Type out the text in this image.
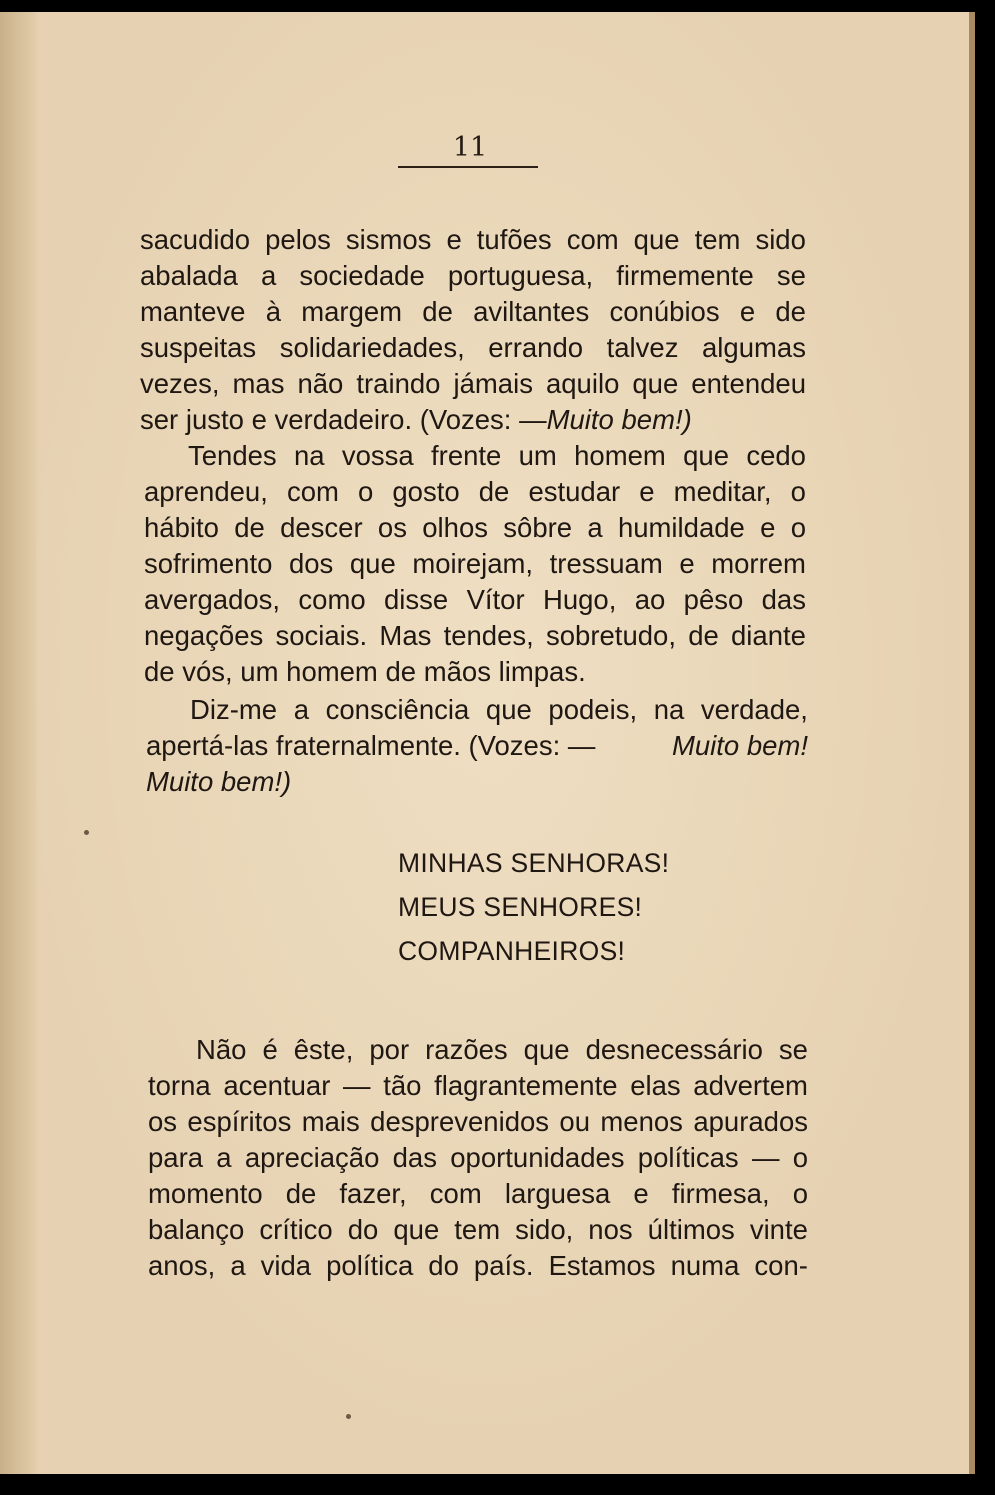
11
sacudido pelos sismos e tufões com que tem sido
abalada a sociedade portuguesa, firmemente se
manteve à margem de aviltantes conúbios e de
suspeitas solidariedades, errando talvez algumas
vezes, mas não traindo jámais aquilo que entendeu
ser justo e verdadeiro. (Vozes: — Muito bem!)
Tendes na vossa frente um homem que cedo
aprendeu, com o gosto de estudar e meditar, o
hábito de descer os olhos sôbre a humildade e o
sofrimento dos que moirejam, tressuam e morrem
avergados, como disse Vítor Hugo, ao pêso das
negações sociais. Mas tendes, sobretudo, de diante
de vós, um homem de mãos limpas.
Diz-me a consciência que podeis, na verdade,
apertá-las fraternalmente. (Vozes: —	Muito bem!
Muito bem!)
MINHAS SENHORAS!
MEUS SENHORES!
COMPANHEIROS!
Não é êste, por razões que desnecessário se
torna acentuar — tão flagrantemente elas advertem
os espíritos mais desprevenidos ou menos apurados
para a apreciação das oportunidades políticas — o
momento de fazer, com larguesa e firmesa, o
balanço crítico do que tem sido, nos últimos vinte
anos, a vida política do país. Estamos numa con-
